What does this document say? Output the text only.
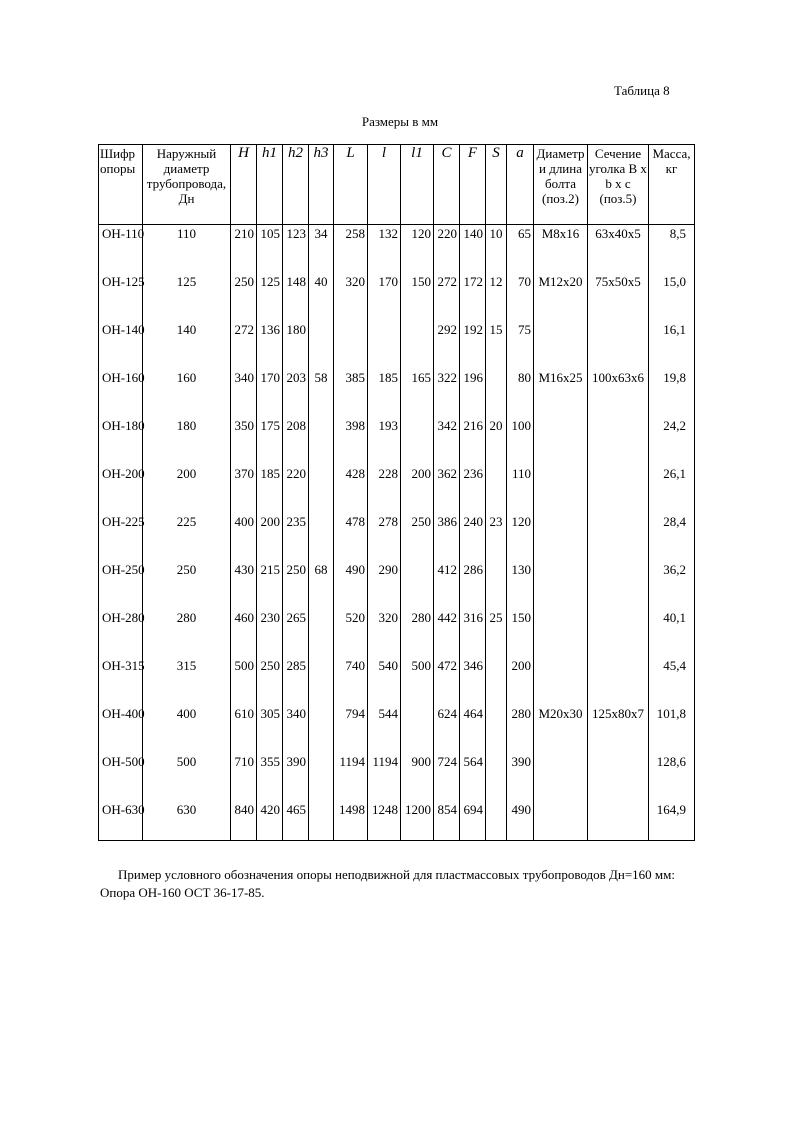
Таблица 8
Размеры в мм
Шифр опоры	Наружный диаметр трубопровода, Дн	H	h1	h2	h3	L	l	l1	C	F	S	a	Диаметр и длина болта (поз.2)	Сечение уголка B x b x c (поз.5)	Масса, кг
ОН-110	110	210	105	123	34	258	132	120	220	140	10	65	М8х16	63х40х5	8,5
ОН-125	125	250	125	148	40	320	170	150	272	172	12	70	М12х20	75х50х5	15,0
ОН-140	140	272	136	180					292	192	15	75			16,1
ОН-160	160	340	170	203	58	385	185	165	322	196		80	М16х25	100х63х6	19,8
ОН-180	180	350	175	208		398	193		342	216	20	100			24,2
ОН-200	200	370	185	220		428	228	200	362	236		110			26,1
ОН-225	225	400	200	235		478	278	250	386	240	23	120			28,4
ОН-250	250	430	215	250	68	490	290		412	286		130			36,2
ОН-280	280	460	230	265		520	320	280	442	316	25	150			40,1
ОН-315	315	500	250	285		740	540	500	472	346		200			45,4
ОН-400	400	610	305	340		794	544		624	464		280	М20х30	125х80х7	101,8
ОН-500	500	710	355	390		1194	1194	900	724	564		390			128,6
ОН-630	630	840	420	465		1498	1248	1200	854	694		490			164,9
Пример условного обозначения опоры неподвижной для пластмассовых трубопроводов Дн=160 мм: Опора ОН-160 ОСТ 36-17-85.
